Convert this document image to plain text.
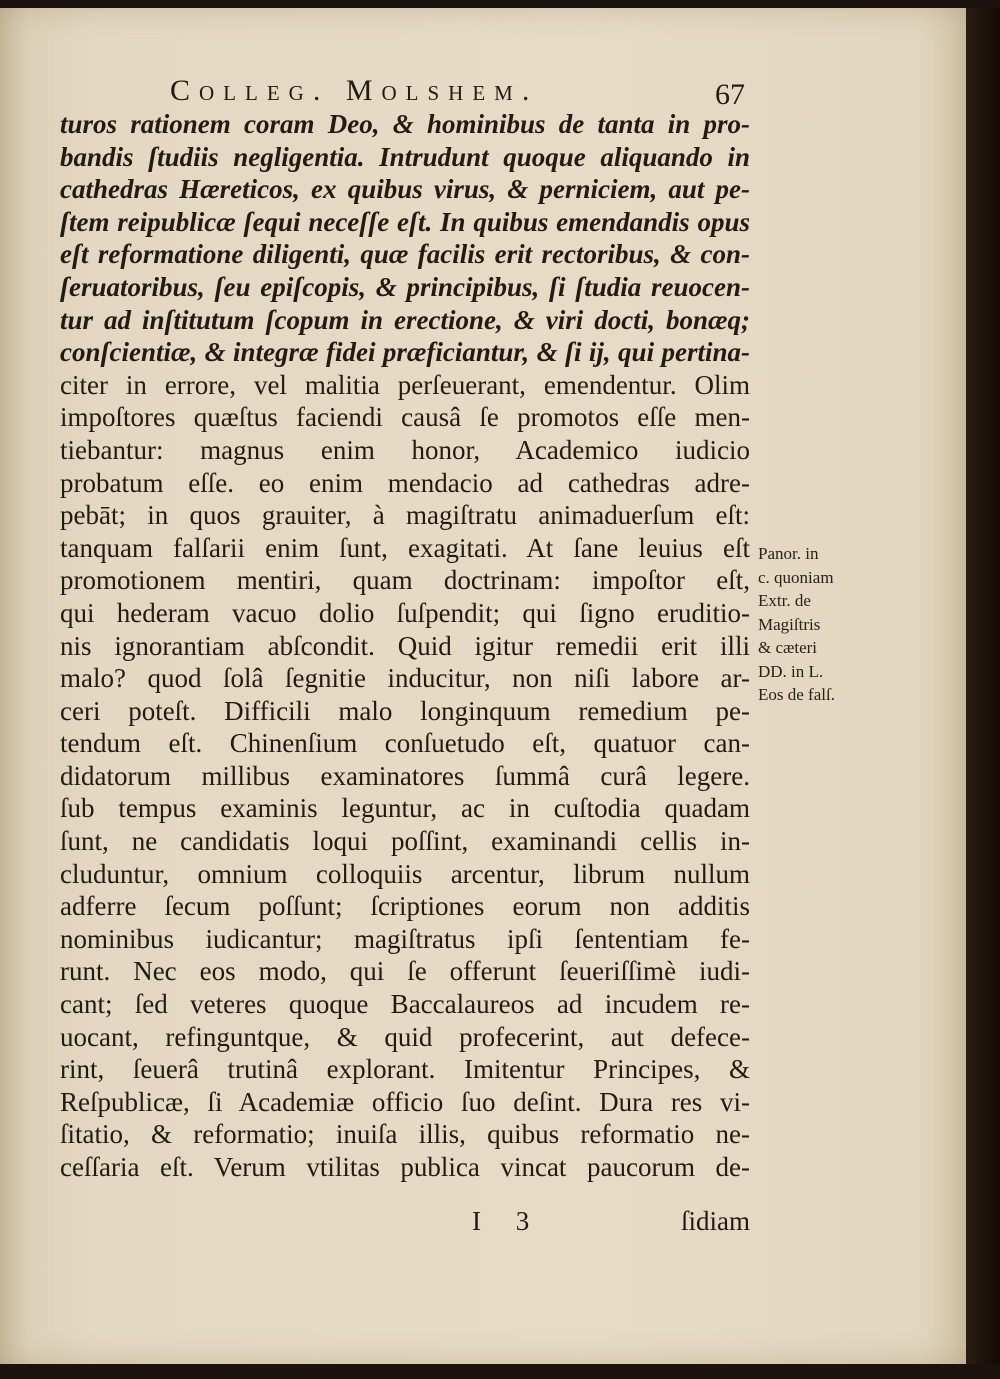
Colleg. Molshem.	67
turos rationem coram Deo, & hominibus de tanta in pro-
bandis ſtudiis negligentia. Intrudunt quoque aliquando in
cathedras Hæreticos, ex quibus virus, & perniciem, aut pe-
ſtem reipublicæ ſequi neceſſe eſt. In quibus emendandis opus
eſt reformatione diligenti, quæ facilis erit rectoribus, & con-
ſeruatoribus, ſeu epiſcopis, & principibus, ſi ſtudia reuocen-
tur ad inſtitutum ſcopum in erectione, & viri docti, bonæq;
conſcientiæ, & integræ fidei præficiantur, & ſi ij, qui pertina-
citer in errore, vel malitia perſeuerant, emendentur. Olim
impoſtores quæſtus faciendi causâ ſe promotos eſſe men-
tiebantur: magnus enim honor, Academico iudicio
probatum eſſe. eo enim mendacio ad cathedras adre-
pebāt; in quos grauiter, à magiſtratu animaduerſum eſt:
tanquam falſarii enim ſunt, exagitati. At ſane leuius eſt
promotionem mentiri, quam doctrinam: impoſtor eſt,
qui hederam vacuo dolio ſuſpendit; qui ſigno eruditio-
nis ignorantiam abſcondit. Quid igitur remedii erit illi
malo? quod ſolâ ſegnitie inducitur, non niſi labore ar-
ceri poteſt. Difficili malo longinquum remedium pe-
tendum eſt. Chinenſium conſuetudo eſt, quatuor can-
didatorum millibus examinatores ſummâ curâ legere.
ſub tempus examinis leguntur, ac in cuſtodia quadam
ſunt, ne candidatis loqui poſſint, examinandi cellis in-
cluduntur, omnium colloquiis arcentur, librum nullum
adferre ſecum poſſunt; ſcriptiones eorum non additis
nominibus iudicantur; magiſtratus ipſi ſententiam fe-
runt. Nec eos modo, qui ſe offerunt ſeueriſſimè iudi-
cant; ſed veteres quoque Baccalaureos ad incudem re-
uocant, refinguntque, & quid profecerint, aut defece-
rint, ſeuerâ trutinâ explorant. Imitentur Principes, &
Reſpublicæ, ſi Academiæ officio ſuo deſint. Dura res vi-
ſitatio, & reformatio; inuiſa illis, quibus reformatio ne-
ceſſaria eſt. Verum vtilitas publica vincat paucorum de-
Panor. in
c. quoniam
Extr. de
Magiſtris
& cæteri
DD. in L.
Eos de falſ.
I 3	ſidiam
